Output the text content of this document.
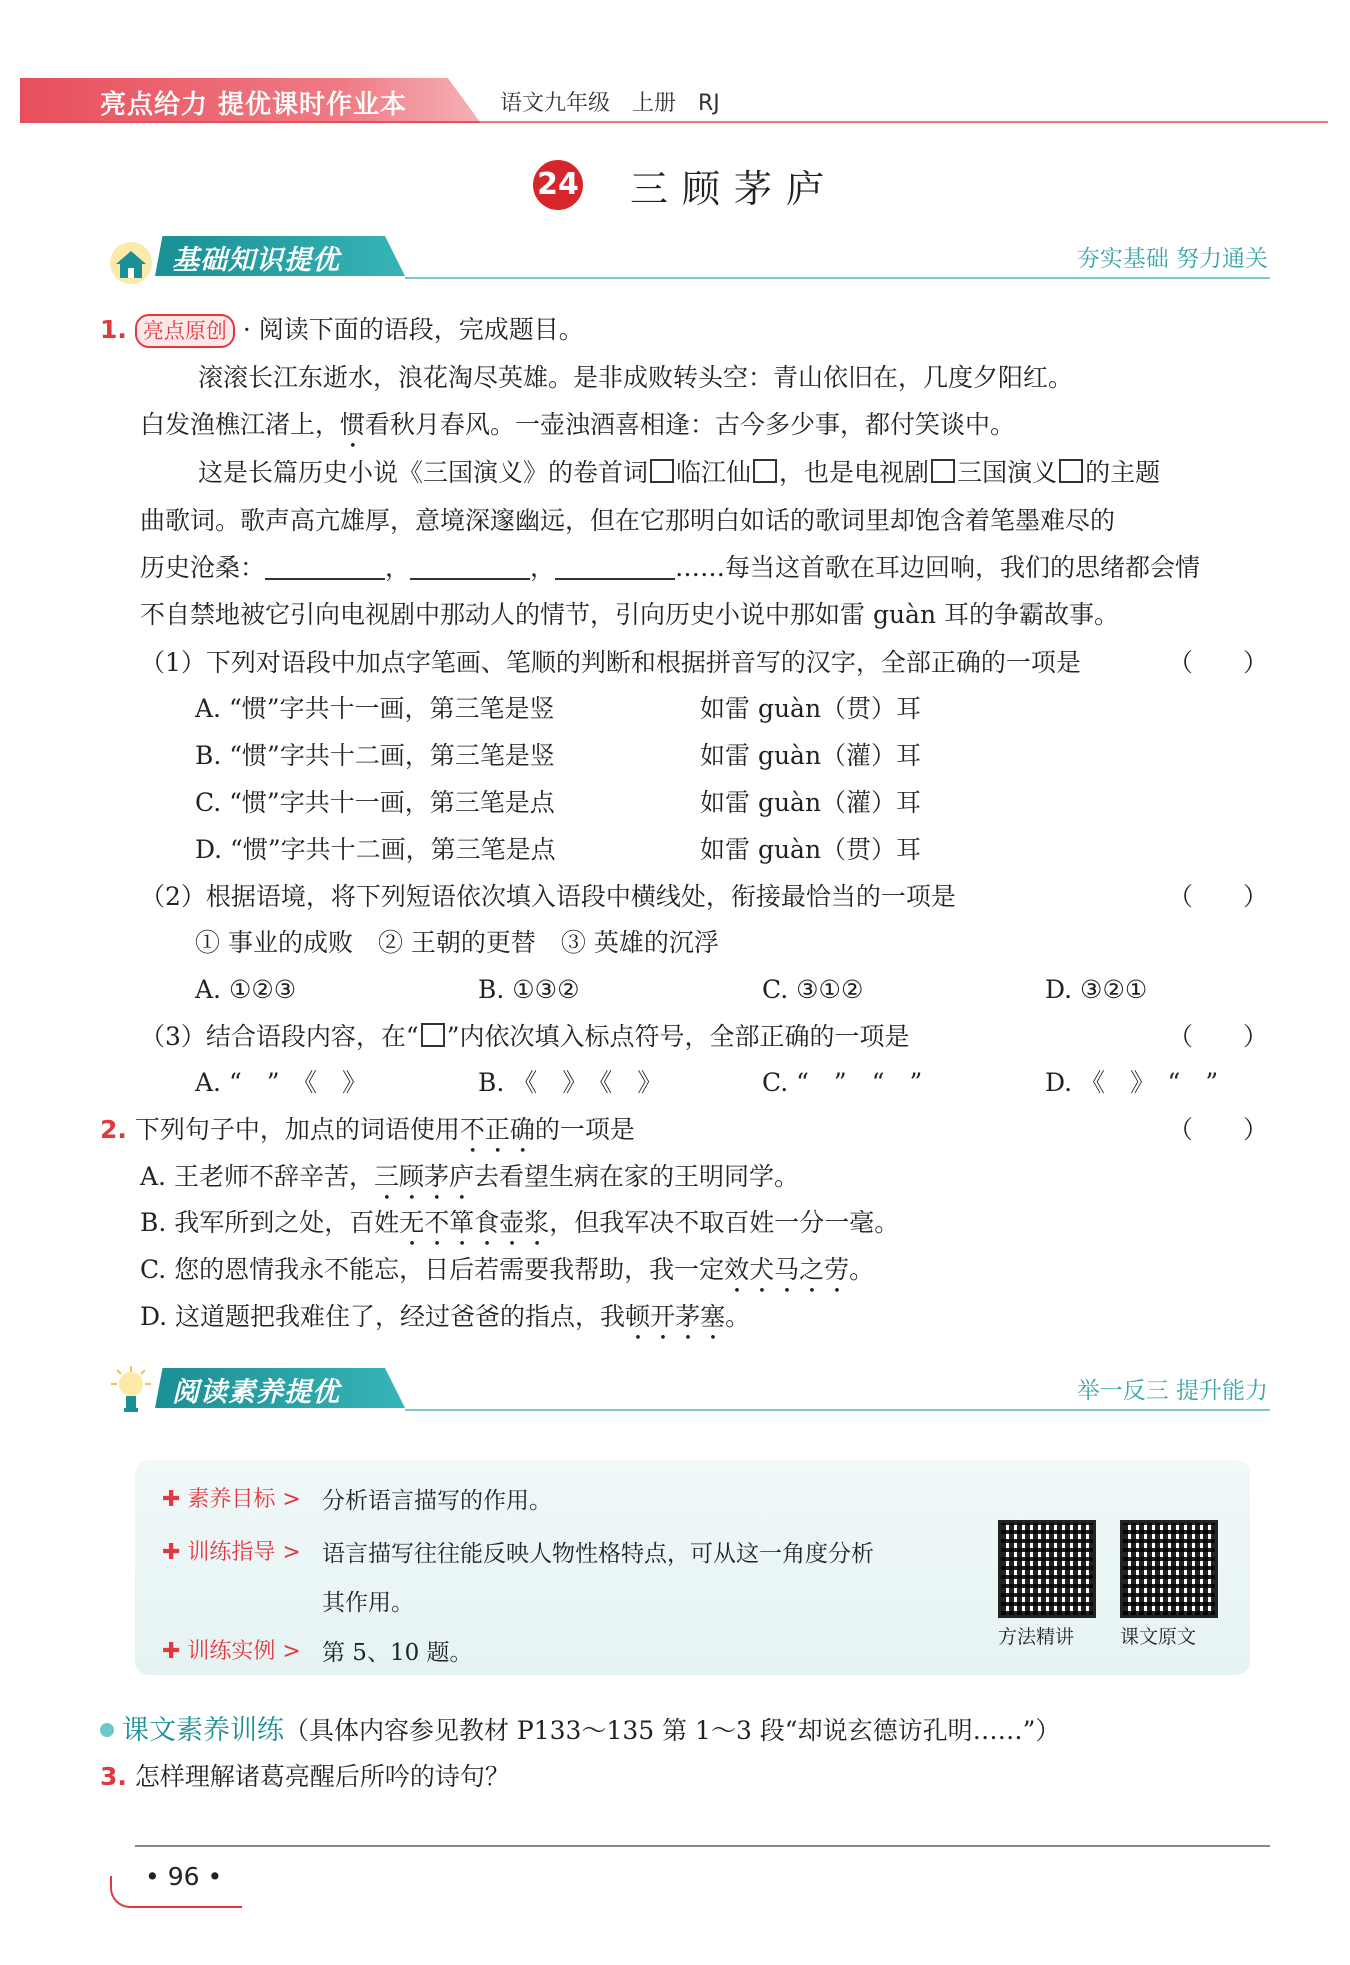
亮点给力 提优课时作业本	语文九年级　上册　RJ
24 三顾茅庐
基础知识提优	夯实基础 努力通关
1. 亮点原创 · 阅读下面的语段，完成题目。
滚滚长江东逝水，浪花淘尽英雄。是非成败转头空：青山依旧在，几度夕阳红。
白发渔樵江渚上，惯看秋月春风。一壶浊酒喜相逢：古今多少事，都付笑谈中。
这是长篇历史小说《三国演义》的卷首词 临江仙 ，也是电视剧 三国演义 的主题
曲歌词。歌声高亢雄厚，意境深邃幽远，但在它那明白如话的歌词里却饱含着笔墨难尽的
历史沧桑：	，	，	……每当这首歌在耳边回响，我们的思绪都会情
不自禁地被它引向电视剧中那动人的情节，引向历史小说中那如雷 guàn 耳的争霸故事。
（1）下列对语段中加点字笔画、笔顺的判断和根据拼音写的汉字，全部正确的一项是	（　　）
A. “惯”字共十一画，第三笔是竖	如雷 guàn（贯）耳
B. “惯”字共十二画，第三笔是竖	如雷 guàn（灌）耳
C. “惯”字共十一画，第三笔是点	如雷 guàn（灌）耳
D. “惯”字共十二画，第三笔是点	如雷 guàn（贯）耳
（2）根据语境，将下列短语依次填入语段中横线处，衔接最恰当的一项是	（　　）
① 事业的成败　② 王朝的更替　③ 英雄的沉浮
A. ①②③	B. ①③②	C. ③①②	D. ③②①
（3）结合语段内容，在“ ”内依次填入标点符号，全部正确的一项是	（　　）
A. “　”　《　》	B. 《　》　《　》	C. “　”　“　”	D. 《　》　“　”
2. 下列句子中，加点的词语使用不正确的一项是	（　　）
A. 王老师不辞辛苦，三顾茅庐去看望生病在家的王明同学。
B. 我军所到之处，百姓无不箪食壶浆，但我军决不取百姓一分一毫。
C. 您的恩情我永不能忘，日后若需要我帮助，我一定效犬马之劳。
D. 这道题把我难住了，经过爸爸的指点，我顿开茅塞。
阅读素养提优	举一反三 提升能力
✚ 素养目标 > 分析语言描写的作用。
✚ 训练指导 > 语言描写往往能反映人物性格特点，可从这一角度分析
其作用。
✚ 训练实例 > 第 5、10 题。
方法精讲 课文原文
课文素养训练（具体内容参见教材 P133～135 第 1～3 段“却说玄德访孔明……”）
3. 怎样理解诸葛亮醒后所吟的诗句？
• 96 •
